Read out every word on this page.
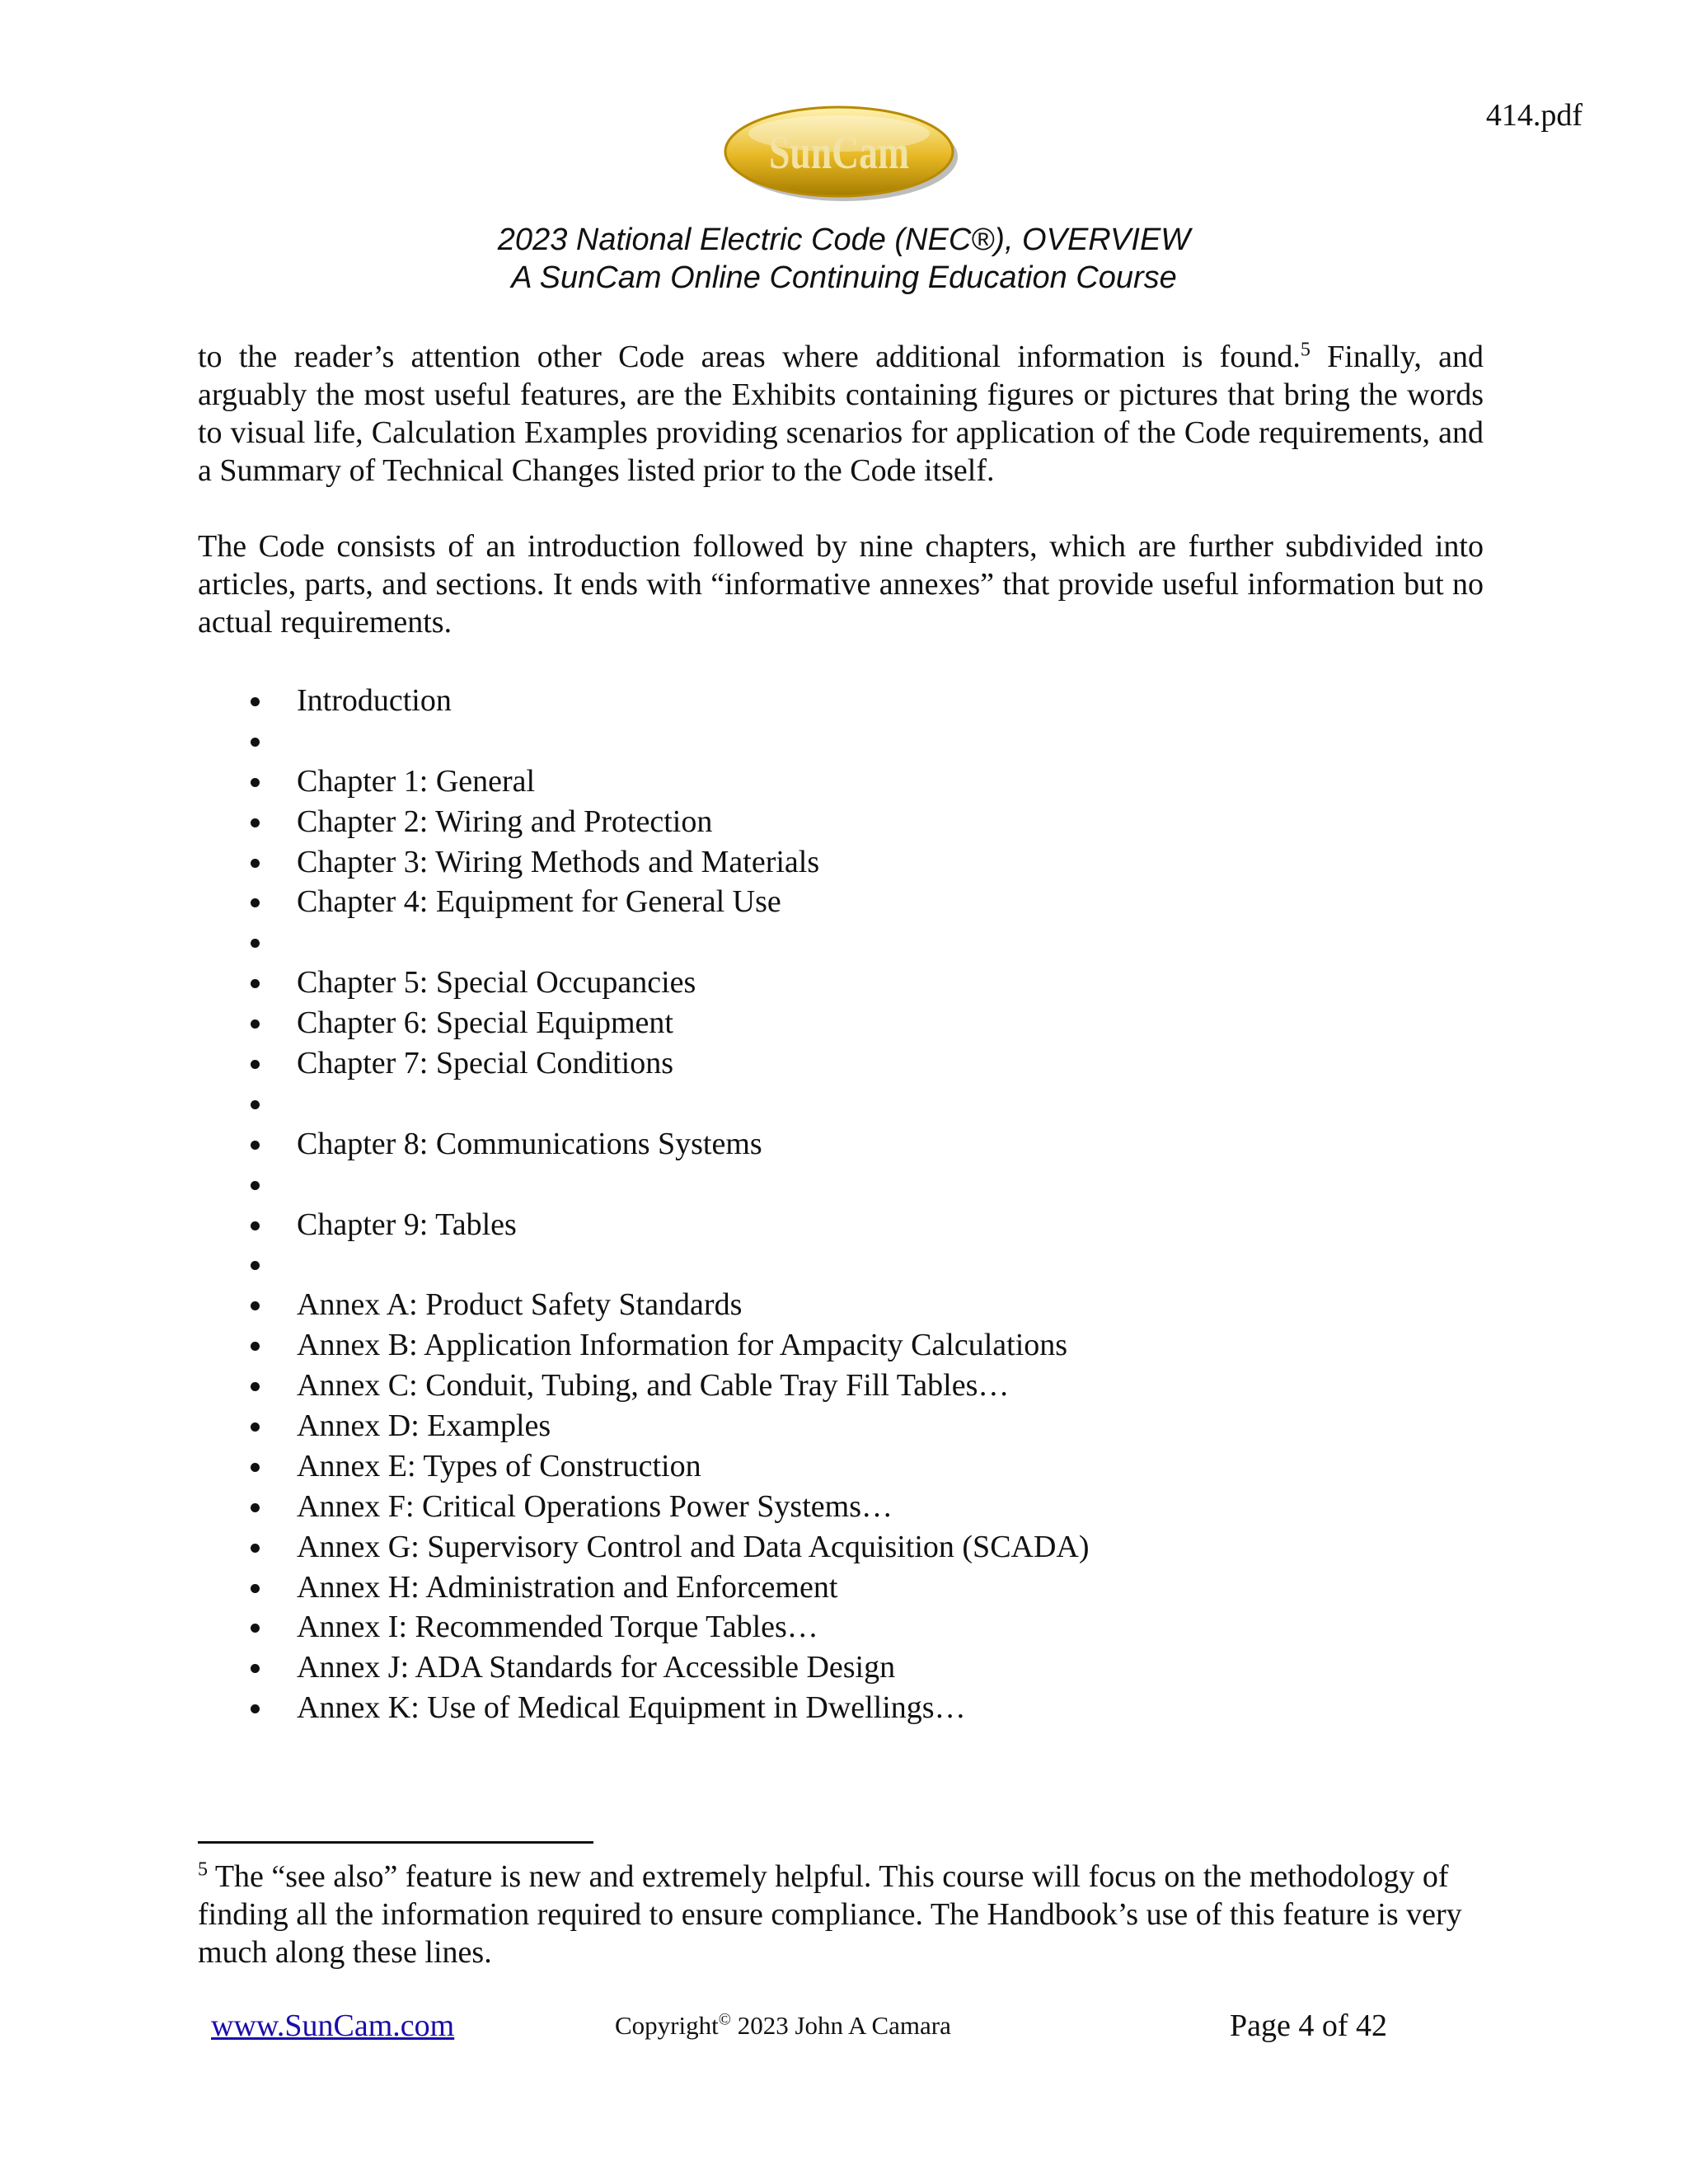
414.pdf
SunCam
2023 National Electric Code (NEC®), OVERVIEW
A SunCam Online Continuing Education Course
to the reader’s attention other Code areas where additional information is found.$^5$ Finally, and arguably the most useful features, are the Exhibits containing figures or pictures that bring the words to visual life, Calculation Examples providing scenarios for application of the Code requirements, and a Summary of Technical Changes listed prior to the Code itself.
The Code consists of an introduction followed by nine chapters, which are further subdivided into articles, parts, and sections. It ends with “informative annexes” that provide useful information but no actual requirements.
Introduction
Chapter 1: General
Chapter 2: Wiring and Protection
Chapter 3: Wiring Methods and Materials
Chapter 4: Equipment for General Use
Chapter 5: Special Occupancies
Chapter 6: Special Equipment
Chapter 7: Special Conditions
Chapter 8: Communications Systems
Chapter 9: Tables
Annex A: Product Safety Standards
Annex B: Application Information for Ampacity Calculations
Annex C: Conduit, Tubing, and Cable Tray Fill Tables…
Annex D: Examples
Annex E: Types of Construction
Annex F: Critical Operations Power Systems…
Annex G: Supervisory Control and Data Acquisition (SCADA)
Annex H: Administration and Enforcement
Annex I: Recommended Torque Tables…
Annex J: ADA Standards for Accessible Design
Annex K: Use of Medical Equipment in Dwellings…
$^5$ The “see also” feature is new and extremely helpful. This course will focus on the methodology of finding all the information required to ensure compliance. The Handbook’s use of this feature is very much along these lines.
www.SunCam.com	Copyright© 2023 John A Camara	Page 4 of 42
